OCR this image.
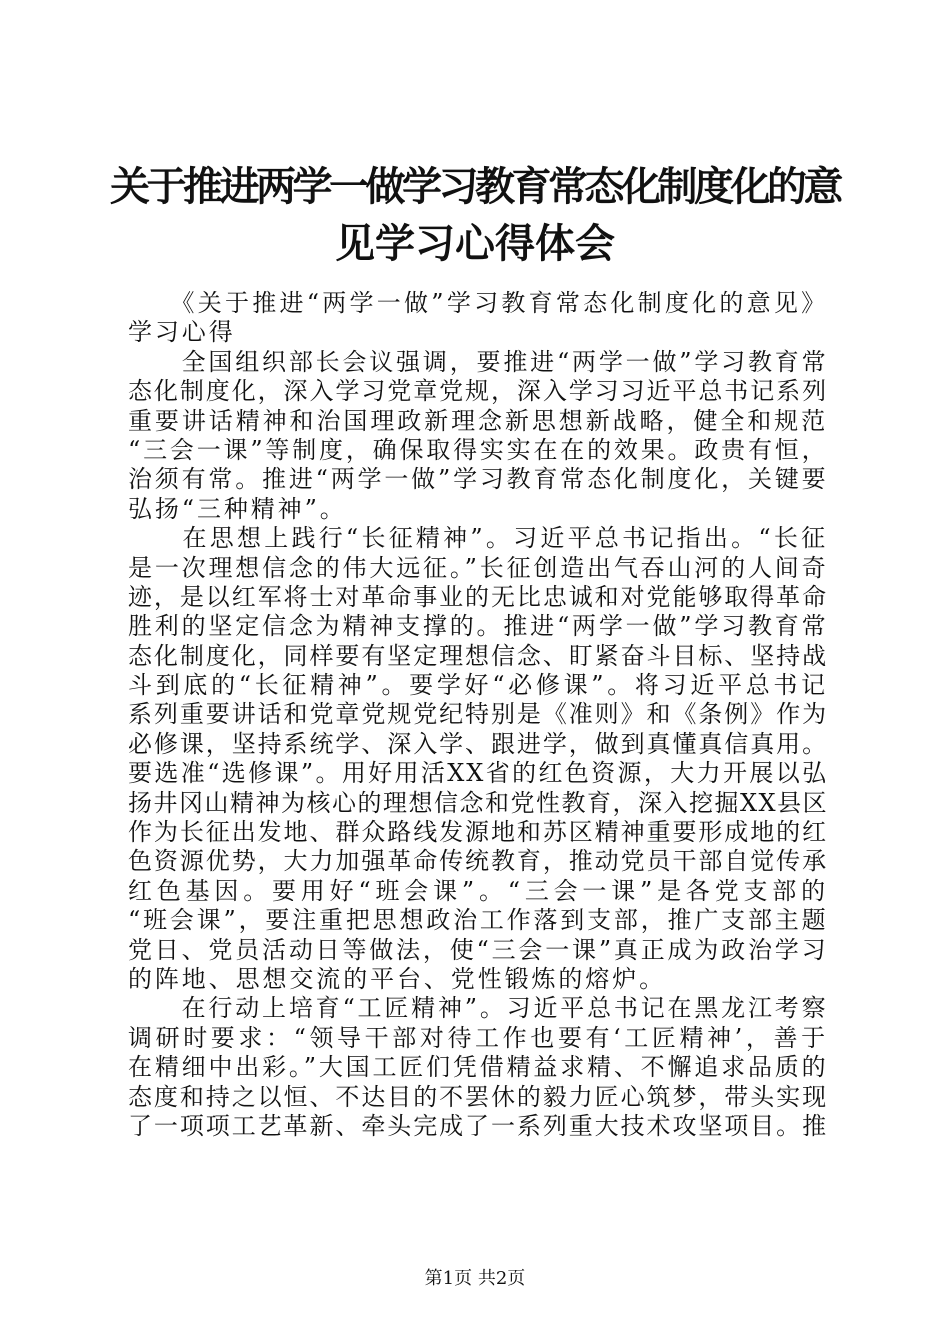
关于推进两学一做学习教育常态化制度化的意
见学习心得体会
　　《关于推进“两学一做”学习教育常态化制度化的意见》
学习心得
　　全国组织部长会议强调，要推进“两学一做”学习教育常
态化制度化，深入学习党章党规，深入学习习近平总书记系列
重要讲话精神和治国理政新理念新思想新战略，健全和规范
“三会一课”等制度，确保取得实实在在的效果。政贵有恒，
治须有常。推进“两学一做”学习教育常态化制度化，关键要
弘扬“三种精神”。
　　在思想上践行“长征精神”。习近平总书记指出。“长征
是一次理想信念的伟大远征。”长征创造出气吞山河的人间奇
迹，是以红军将士对革命事业的无比忠诚和对党能够取得革命
胜利的坚定信念为精神支撑的。推进“两学一做”学习教育常
态化制度化，同样要有坚定理想信念、盯紧奋斗目标、坚持战
斗到底的“长征精神”。要学好“必修课”。将习近平总书记
系列重要讲话和党章党规党纪特别是《准则》和《条例》作为
必修课，坚持系统学、深入学、跟进学，做到真懂真信真用。
要选准“选修课”。用好用活XX省的红色资源，大力开展以弘
扬井冈山精神为核心的理想信念和党性教育，深入挖掘XX县区
作为长征出发地、群众路线发源地和苏区精神重要形成地的红
色资源优势，大力加强革命传统教育，推动党员干部自觉传承
红色基因。要用好“班会课”。“三会一课”是各党支部的
“班会课”，要注重把思想政治工作落到支部，推广支部主题
党日、党员活动日等做法，使“三会一课”真正成为政治学习
的阵地、思想交流的平台、党性锻炼的熔炉。
　　在行动上培育“工匠精神”。习近平总书记在黑龙江考察
调研时要求：“领导干部对待工作也要有‘工匠精神’，善于
在精细中出彩。”大国工匠们凭借精益求精、不懈追求品质的
态度和持之以恒、不达目的不罢休的毅力匠心筑梦，带头实现
了一项项工艺革新、牵头完成了一系列重大技术攻坚项目。推
第1页 共2页
